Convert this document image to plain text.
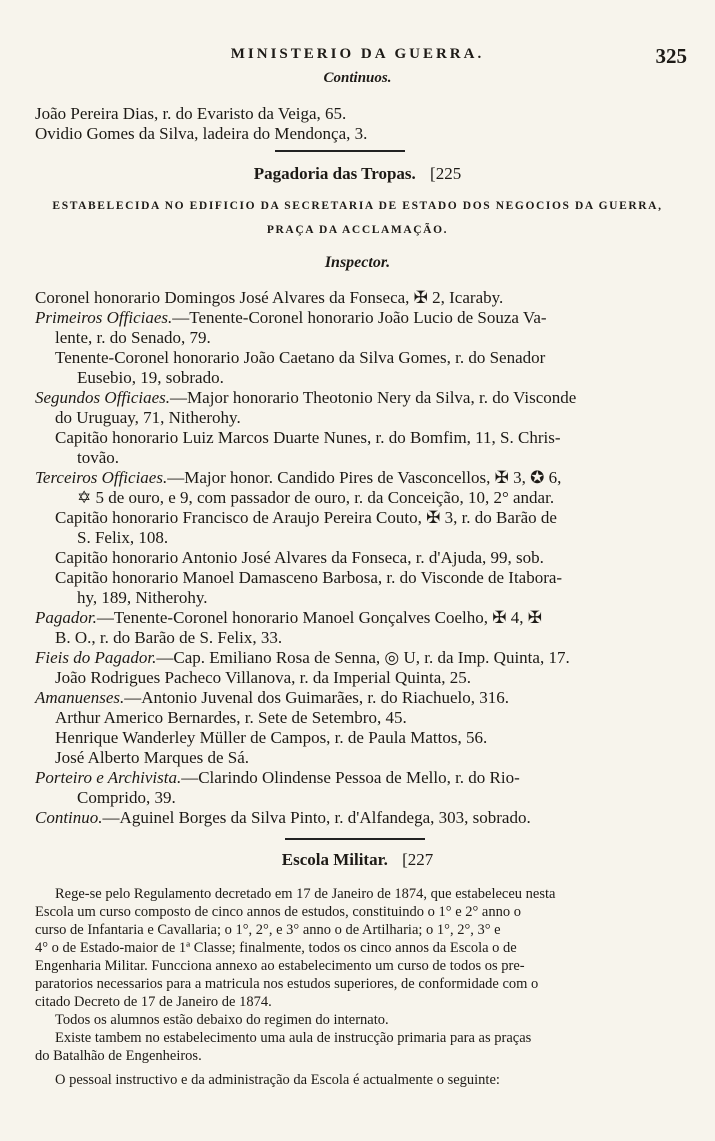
MINISTERIO DA GUERRA.	325
Continuos.
João Pereira Dias, r. do Evaristo da Veiga, 65.
Ovidio Gomes da Silva, ladeira do Mendonça, 3.
Pagadoria das Tropas. [225
ESTABELECIDA NO EDIFICIO DA SECRETARIA DE ESTADO DOS NEGOCIOS DA GUERRA,
PRAÇA DA ACCLAMAÇÃO.
Inspector.
Coronel honorario Domingos José Alvares da Fonseca, ✠ 2, Icaraby.
Primeiros Officiaes.—Tenente-Coronel honorario João Lucio de Souza Va-
lente, r. do Senado, 79.
Tenente-Coronel honorario João Caetano da Silva Gomes, r. do Senador
Eusebio, 19, sobrado.
Segundos Officiaes.—Major honorario Theotonio Nery da Silva, r. do Visconde
do Uruguay, 71, Nitherohy.
Capitão honorario Luiz Marcos Duarte Nunes, r. do Bomfim, 11, S. Chris-
tovão.
Terceiros Officiaes.—Major honor. Candido Pires de Vasconcellos, ✠ 3, ✪ 6,
✡ 5 de ouro, e 9, com passador de ouro, r. da Conceição, 10, 2° andar.
Capitão honorario Francisco de Araujo Pereira Couto, ✠ 3, r. do Barão de
S. Felix, 108.
Capitão honorario Antonio José Alvares da Fonseca, r. d'Ajuda, 99, sob.
Capitão honorario Manoel Damasceno Barbosa, r. do Visconde de Itabora-
hy, 189, Nitherohy.
Pagador.—Tenente-Coronel honorario Manoel Gonçalves Coelho, ✠ 4, ✠
B. O., r. do Barão de S. Felix, 33.
Fieis do Pagador.—Cap. Emiliano Rosa de Senna, ◎ U, r. da Imp. Quinta, 17.
João Rodrigues Pacheco Villanova, r. da Imperial Quinta, 25.
Amanuenses.—Antonio Juvenal dos Guimarães, r. do Riachuelo, 316.
Arthur Americo Bernardes, r. Sete de Setembro, 45.
Henrique Wanderley Müller de Campos, r. de Paula Mattos, 56.
José Alberto Marques de Sá.
Porteiro e Archivista.—Clarindo Olindense Pessoa de Mello, r. do Rio-
Comprido, 39.
Continuo.—Aguinel Borges da Silva Pinto, r. d'Alfandega, 303, sobrado.
Escola Militar. [227
Rege-se pelo Regulamento decretado em 17 de Janeiro de 1874, que estabeleceu nesta
Escola um curso composto de cinco annos de estudos, constituindo o 1° e 2° anno o
curso de Infantaria e Cavallaria; o 1°, 2°, e 3° anno o de Artilharia; o 1°, 2°, 3° e
4° o de Estado-maior de 1ª Classe; finalmente, todos os cinco annos da Escola o de
Engenharia Militar. Funcciona annexo ao estabelecimento um curso de todos os pre-
paratorios necessarios para a matricula nos estudos superiores, de conformidade com o
citado Decreto de 17 de Janeiro de 1874.
Todos os alumnos estão debaixo do regimen do internato.
Existe tambem no estabelecimento uma aula de instrucção primaria para as praças
do Batalhão de Engenheiros.
O pessoal instructivo e da administração da Escola é actualmente o seguinte:
